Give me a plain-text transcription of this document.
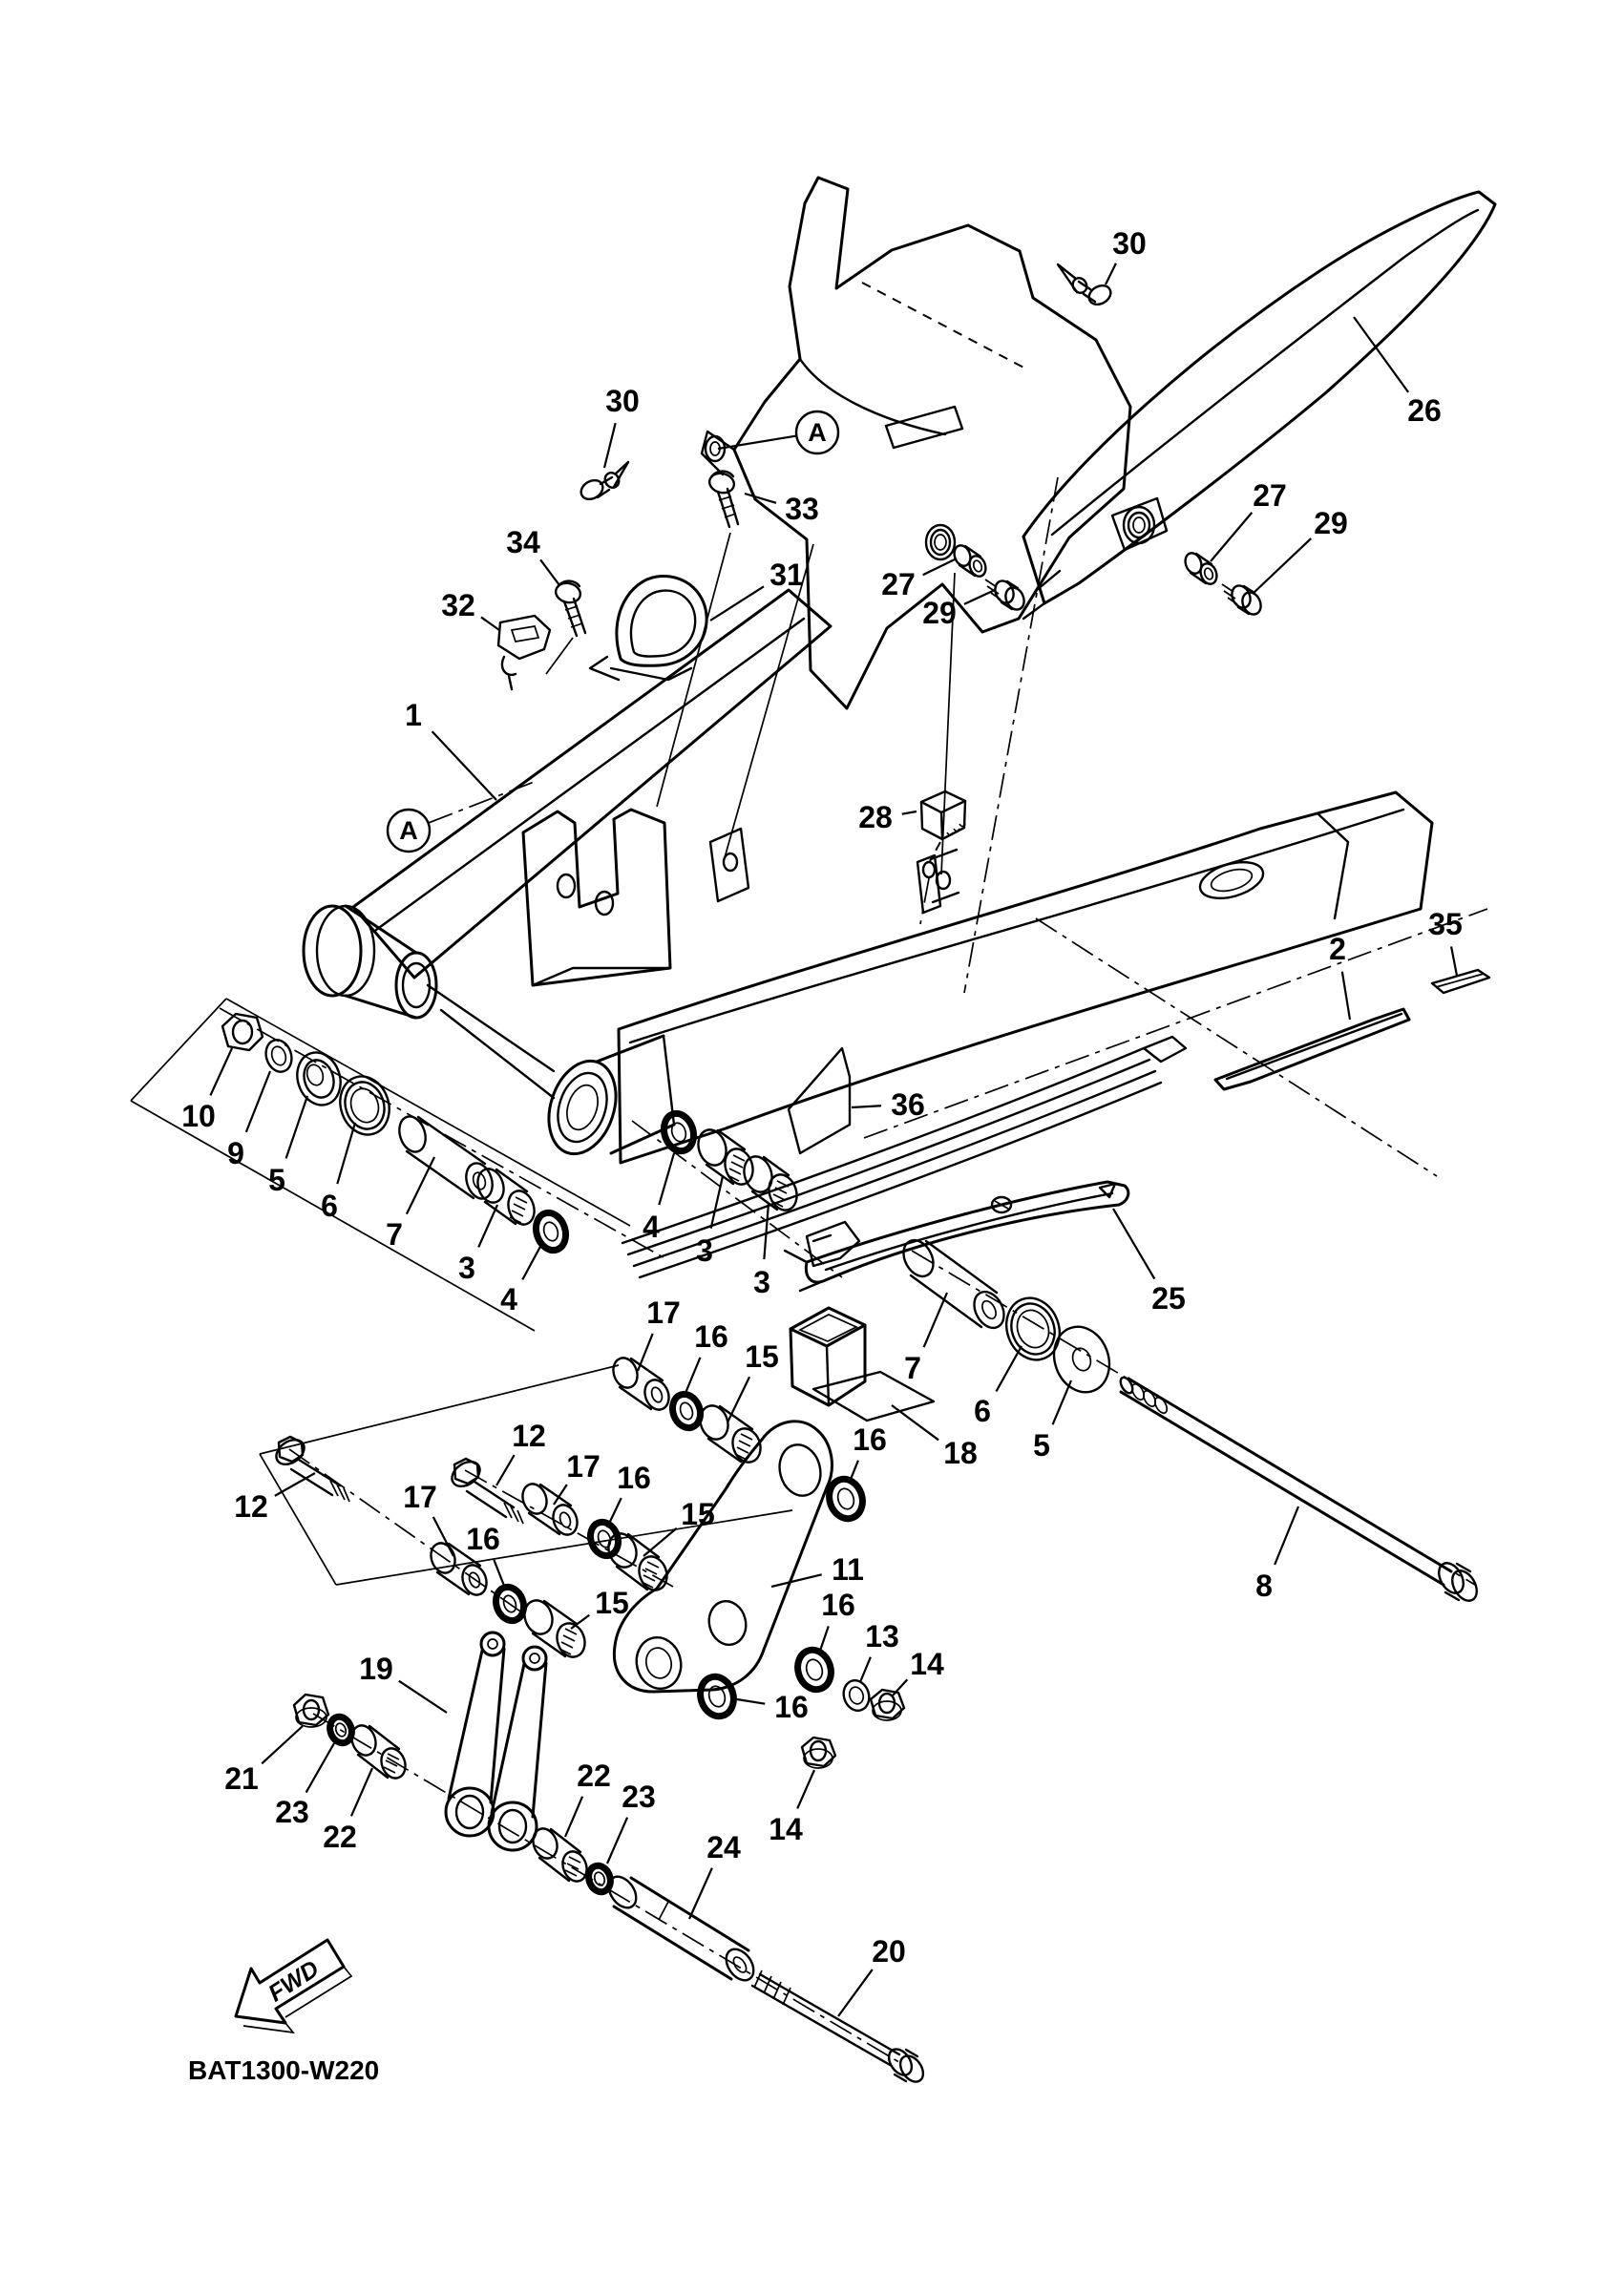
FWD
BAT1300-W220
A
A
30
26
30
33
34
31
32
27
29
27
29
1
28
2
35
36
10
9
5
6
7
3
4
4
3
3
17
16
15
25
7
6
5
18
16
8
12
12
17 16
15
17
16
15
19
11
16
13
14
16
14
21
23
22
22
23
24
20
